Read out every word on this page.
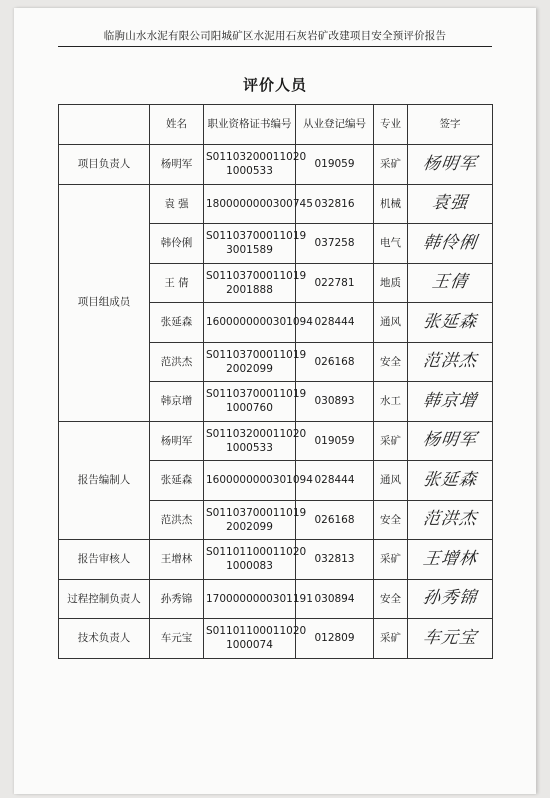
临朐山水水泥有限公司阳城矿区水泥用石灰岩矿改建项目安全预评价报告
评价人员
	姓名	职业资格证书编号	从业登记编号	专业	签字
项目负责人	杨明军	S01103200011020
1000533	019059	采矿	杨明军
项目组成员	袁 强	1800000000300745	032816	机械	袁强
	韩伶俐	S01103700011019
3001589	037258	电气	韩伶俐
	王 倩	S01103700011019
2001888	022781	地质	王倩
	张延森	1600000000301094	028444	通风	张延森
	范洪杰	S01103700011019
2002099	026168	安全	范洪杰
	韩京增	S01103700011019
1000760	030893	水工	韩京增
报告编制人	杨明军	S01103200011020
1000533	019059	采矿	杨明军
	张延森	1600000000301094	028444	通风	张延森
	范洪杰	S01103700011019
2002099	026168	安全	范洪杰
报告审核人	王增林	S01101100011020
1000083	032813	采矿	王增林
过程控制负责人	孙秀锦	1700000000301191	030894	安全	孙秀锦
技术负责人	车元宝	S01101100011020
1000074	012809	采矿	车元宝
